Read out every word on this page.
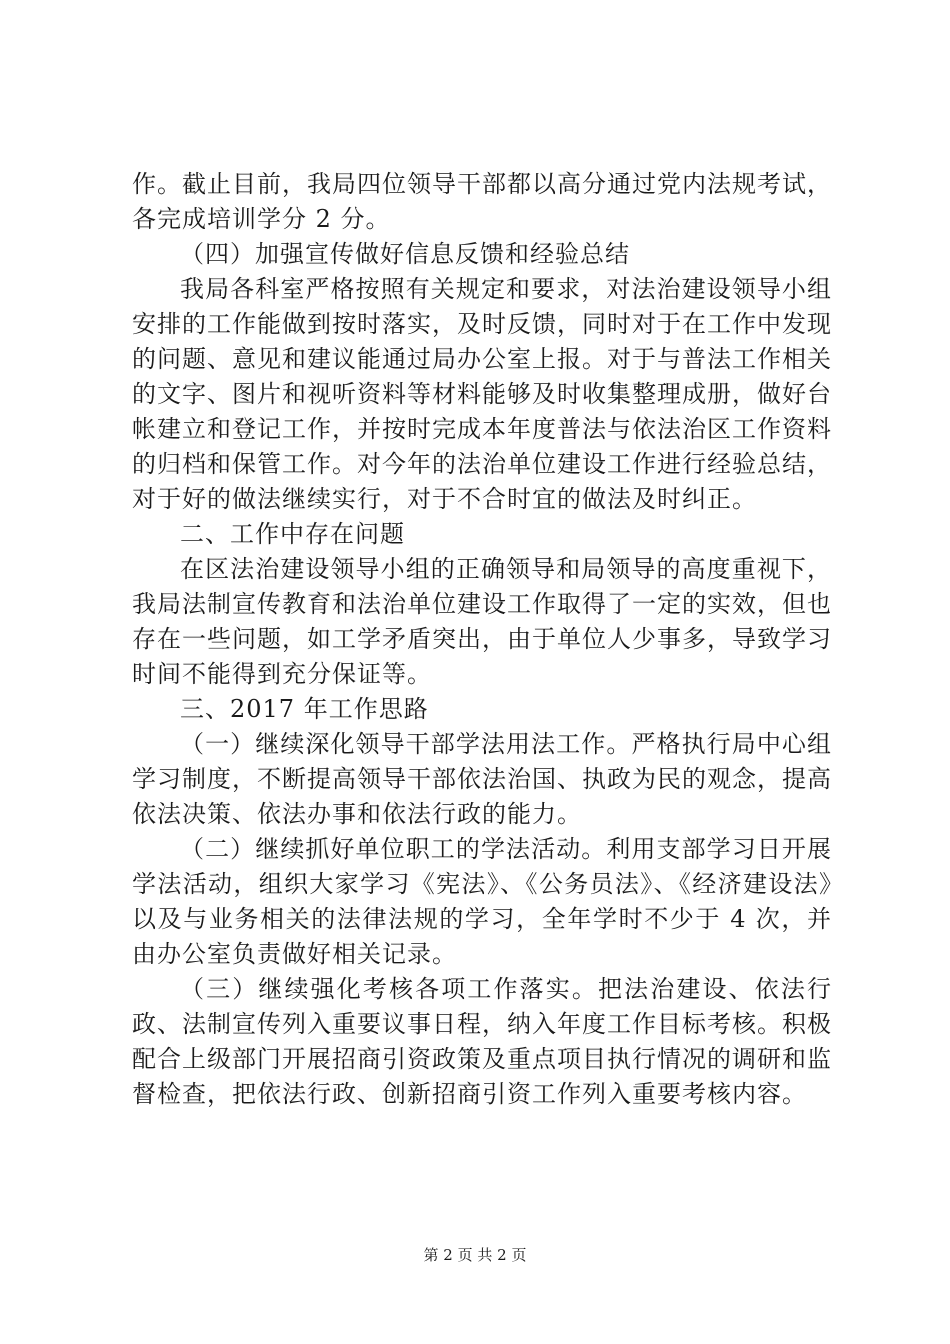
作。截止目前，我局四位领导干部都以高分通过党内法规考试，各完成培训学分 2 分。

（四）加强宣传做好信息反馈和经验总结

我局各科室严格按照有关规定和要求，对法治建设领导小组安排的工作能做到按时落实，及时反馈，同时对于在工作中发现的问题、意见和建议能通过局办公室上报。对于与普法工作相关的文字、图片和视听资料等材料能够及时收集整理成册，做好台帐建立和登记工作，并按时完成本年度普法与依法治区工作资料的归档和保管工作。对今年的法治单位建设工作进行经验总结，对于好的做法继续实行，对于不合时宜的做法及时纠正。

二、工作中存在问题

在区法治建设领导小组的正确领导和局领导的高度重视下，我局法制宣传教育和法治单位建设工作取得了一定的实效，但也存在一些问题，如工学矛盾突出，由于单位人少事多，导致学习时间不能得到充分保证等。

三、2017 年工作思路

（一）继续深化领导干部学法用法工作。严格执行局中心组学习制度，不断提高领导干部依法治国、执政为民的观念，提高依法决策、依法办事和依法行政的能力。

（二）继续抓好单位职工的学法活动。利用支部学习日开展学法活动，组织大家学习《宪法》、《公务员法》、《经济建设法》以及与业务相关的法律法规的学习，全年学时不少于 4 次，并由办公室负责做好相关记录。

（三）继续强化考核各项工作落实。把法治建设、依法行政、法制宣传列入重要议事日程，纳入年度工作目标考核。积极配合上级部门开展招商引资政策及重点项目执行情况的调研和监督检查，把依法行政、创新招商引资工作列入重要考核内容。

第 2 页 共 2 页
